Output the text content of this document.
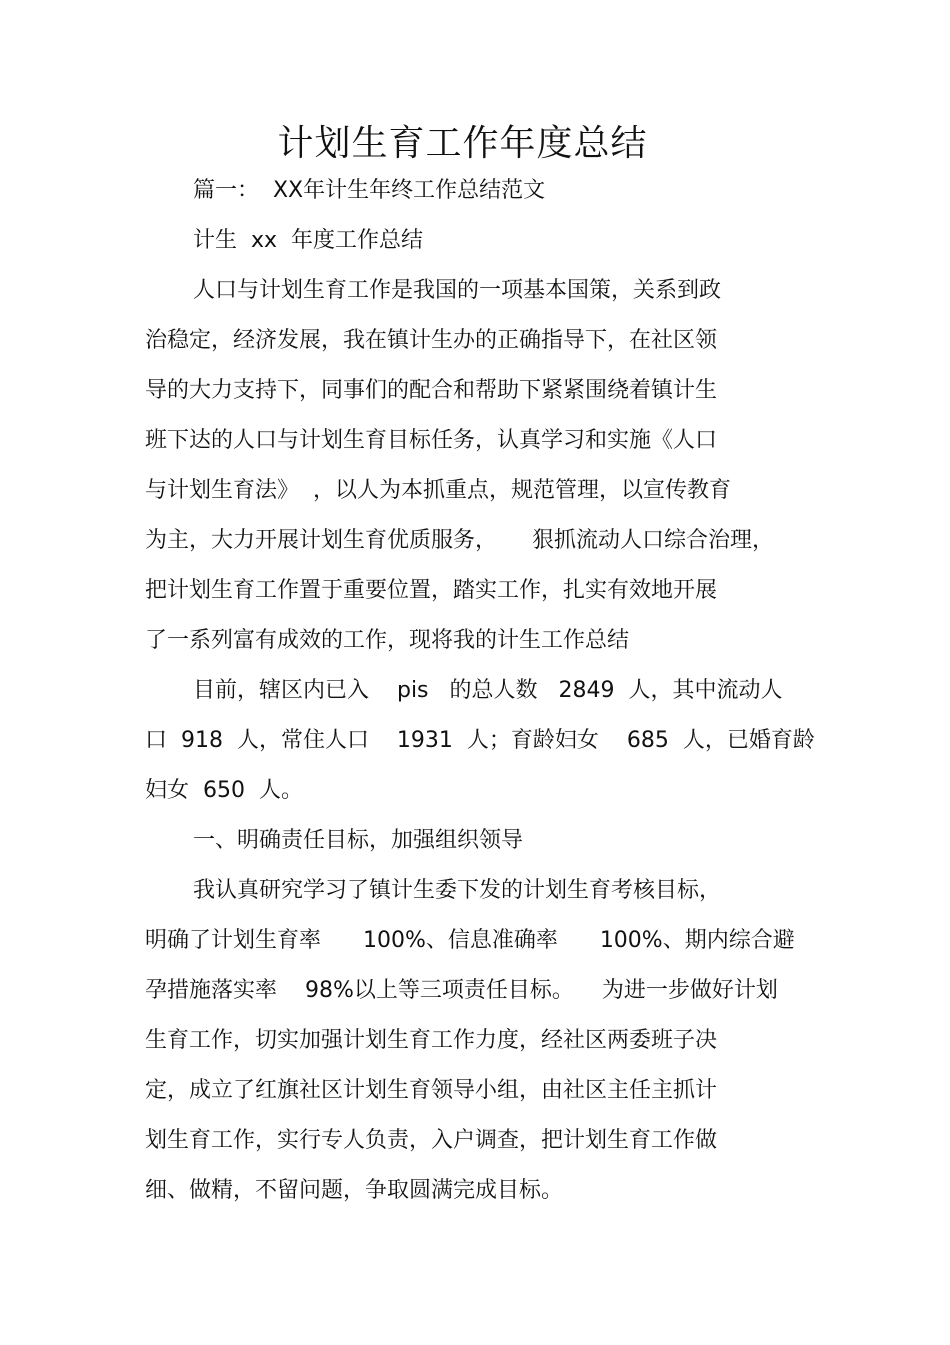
计划生育工作年度总结
篇一：  XX年计生年终工作总结范文
计生  xx  年度工作总结
人口与计划生育工作是我国的一项基本国策，关系到政
治稳定，经济发展，我在镇计生办的正确指导下，在社区领
导的大力支持下，同事们的配合和帮助下紧紧围绕着镇计生
班下达的人口与计划生育目标任务，认真学习和实施《人口
与计划生育法》  ，以人为本抓重点，规范管理，以宣传教育
为主，大力开展计划生育优质服务，     狠抓流动人口综合治理，
把计划生育工作置于重要位置，踏实工作，扎实有效地开展
了一系列富有成效的工作，现将我的计生工作总结
目前，辖区内已入    pis   的总人数   2849  人，其中流动人
口  918  人，常住人口    1931  人；育龄妇女    685  人，已婚育龄
妇女  650  人。
一、明确责任目标，加强组织领导
我认真研究学习了镇计生委下发的计划生育考核目标，
明确了计划生育率      100%、信息准确率      100%、期内综合避
孕措施落实率    98%以上等三项责任目标。    为进一步做好计划
生育工作，切实加强计划生育工作力度，经社区两委班子决
定，成立了红旗社区计划生育领导小组，由社区主任主抓计
划生育工作，实行专人负责，入户调查，把计划生育工作做
细、做精，不留问题，争取圆满完成目标。
